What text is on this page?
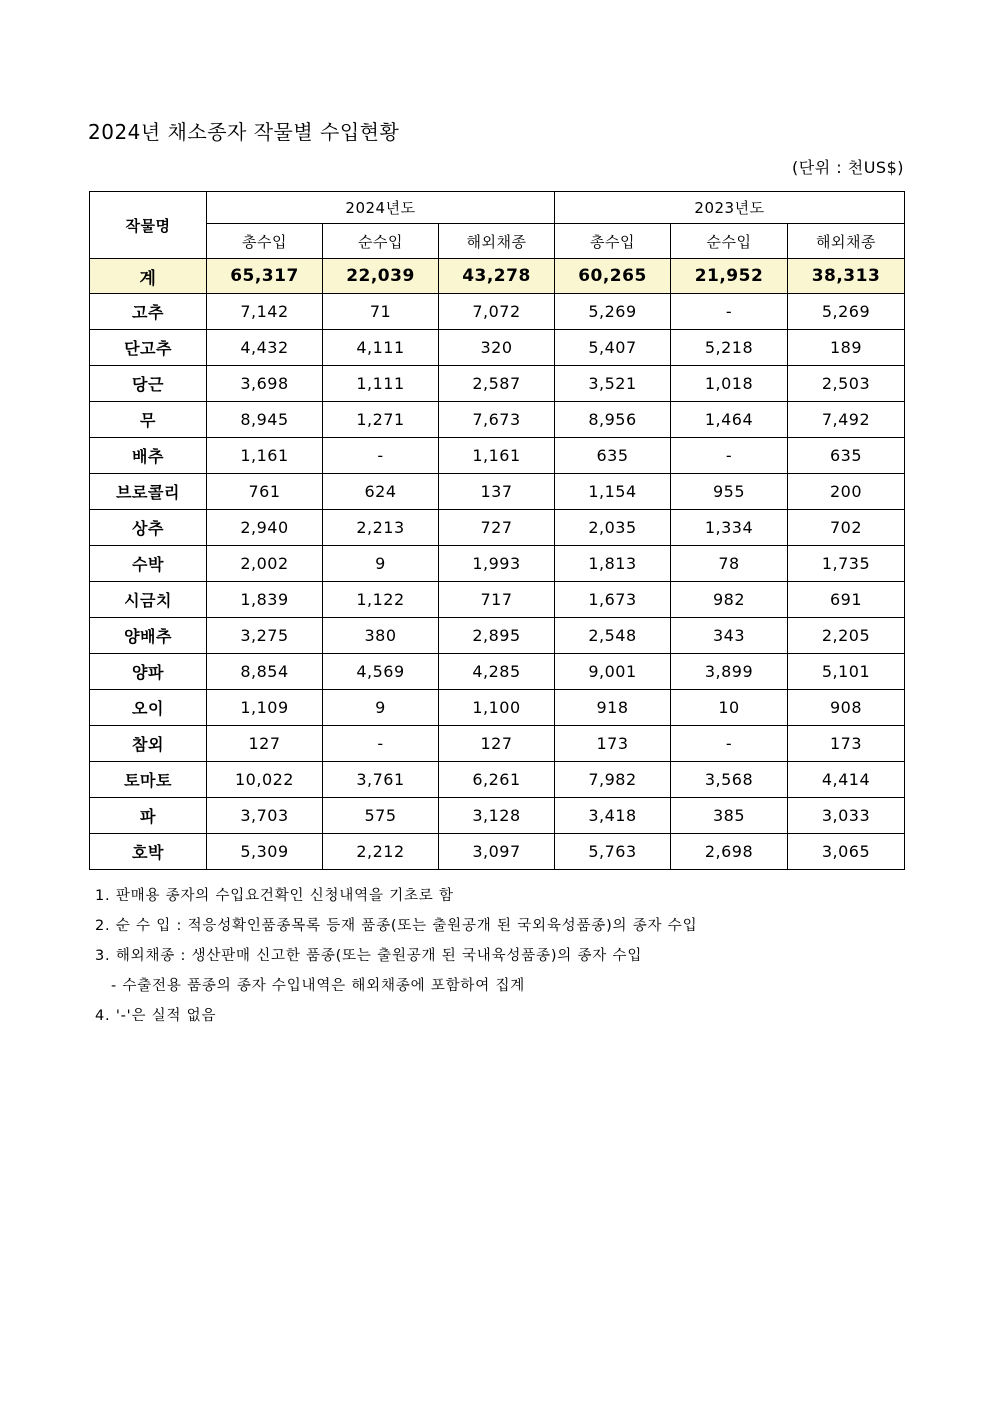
2024년 채소종자 작물별 수입현황
(단위 : 천US$)
작물명	2024년도			2023년도		
	총수입	순수입	해외채종	총수입	순수입	해외채종
계	65,317	22,039	43,278	60,265	21,952	38,313
고추	7,142	71	7,072	5,269	-	5,269
단고추	4,432	4,111	320	5,407	5,218	189
당근	3,698	1,111	2,587	3,521	1,018	2,503
무	8,945	1,271	7,673	8,956	1,464	7,492
배추	1,161	-	1,161	635	-	635
브로콜리	761	624	137	1,154	955	200
상추	2,940	2,213	727	2,035	1,334	702
수박	2,002	9	1,993	1,813	78	1,735
시금치	1,839	1,122	717	1,673	982	691
양배추	3,275	380	2,895	2,548	343	2,205
양파	8,854	4,569	4,285	9,001	3,899	5,101
오이	1,109	9	1,100	918	10	908
참외	127	-	127	173	-	173
토마토	10,022	3,761	6,261	7,982	3,568	4,414
파	3,703	575	3,128	3,418	385	3,033
호박	5,309	2,212	3,097	5,763	2,698	3,065
1. 판매용 종자의 수입요건확인 신청내역을 기초로 함
2. 순 수 입 : 적응성확인품종목록 등재 품종(또는 출원공개 된 국외육성품종)의 종자 수입
3. 해외채종 : 생산판매 신고한 품종(또는 출원공개 된 국내육성품종)의 종자 수입
- 수출전용 품종의 종자 수입내역은 해외채종에 포함하여 집계
4. '-'은 실적 없음
